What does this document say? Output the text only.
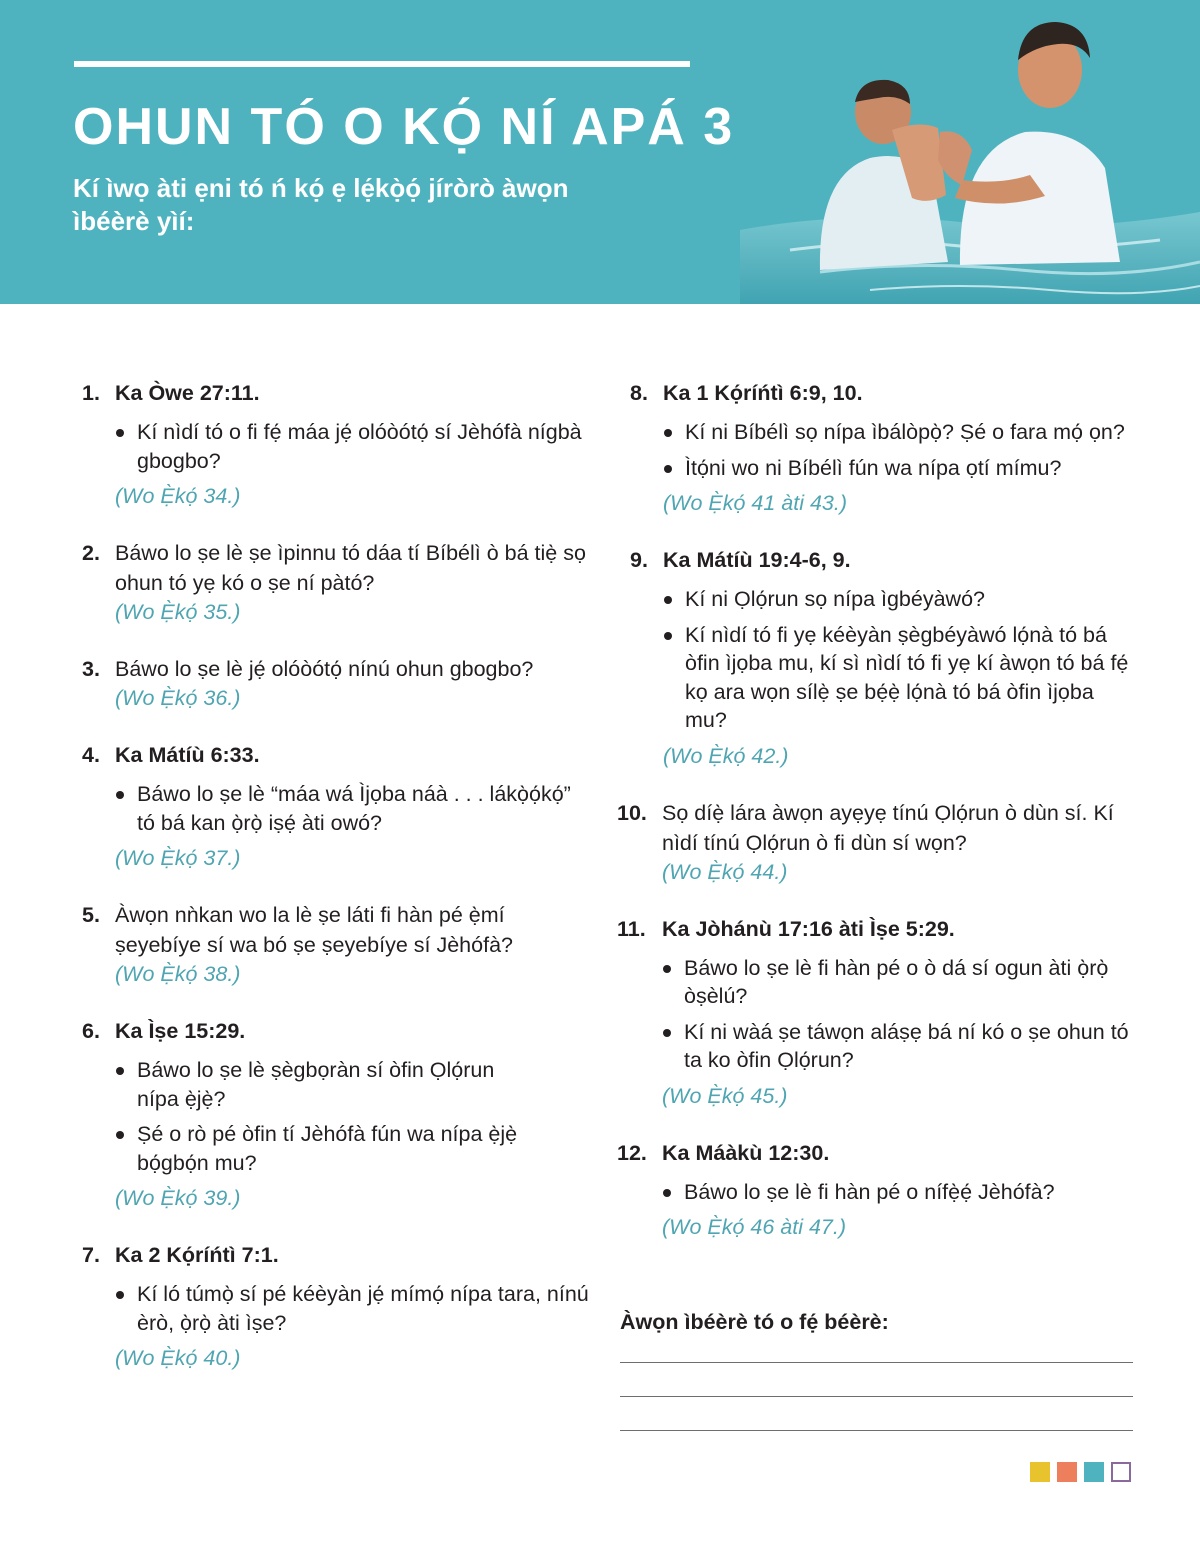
OHUN TÓ O KỌ́ NÍ APÁ 3

Kí ìwọ àti ẹni tó ń kọ́ ẹ lẹ́kọ̀ọ́ jíròrò àwọn ìbéèrè yìí:

1. Ka Òwe 27:11.
Kí nìdí tó o fi fẹ́ máa jẹ́ olóòótọ́ sí Jèhófà nígbà gbogbo?
(Wo Ẹ̀kọ́ 34.)
2. Báwo lo ṣe lè ṣe ìpinnu tó dáa tí Bíbélì ò bá tiẹ̀ sọ ohun tó yẹ kó o ṣe ní pàtó?
(Wo Ẹ̀kọ́ 35.)
3. Báwo lo ṣe lè jẹ́ olóòótọ́ nínú ohun gbogbo?
(Wo Ẹ̀kọ́ 36.)
4. Ka Mátíù 6:33.
Báwo lo ṣe lè “máa wá Ìjọba náà . . . lákọ̀ọ́kọ́” tó bá kan ọ̀rọ̀ iṣẹ́ àti owó?
(Wo Ẹ̀kọ́ 37.)
5. Àwọn nǹkan wo la lè ṣe láti fi hàn pé ẹ̀mí ṣeyebíye sí wa bó ṣe ṣeyebíye sí Jèhófà?
(Wo Ẹ̀kọ́ 38.)
6. Ka Ìṣe 15:29.
Báwo lo ṣe lè ṣègbọràn sí òfin Ọlọ́run nípa ẹ̀jẹ̀?
Ṣé o rò pé òfin tí Jèhófà fún wa nípa ẹ̀jẹ̀ bọ́gbọ́n mu?
(Wo Ẹ̀kọ́ 39.)
7. Ka 2 Kọ́ríńtì 7:1.
Kí ló túmọ̀ sí pé kéèyàn jẹ́ mímọ́ nípa tara, nínú èrò, ọ̀rọ̀ àti ìṣe?
(Wo Ẹ̀kọ́ 40.)
8. Ka 1 Kọ́ríńtì 6:9, 10.
Kí ni Bíbélì sọ nípa ìbálòpọ̀? Ṣé o fara mọ́ ọn?
Ìtọ́ni wo ni Bíbélì fún wa nípa ọtí mímu?
(Wo Ẹ̀kọ́ 41 àti 43.)
9. Ka Mátíù 19:4-6, 9.
Kí ni Ọlọ́run sọ nípa ìgbéyàwó?
Kí nìdí tó fi yẹ kéèyàn ṣègbéyàwó lọ́nà tó bá òfin ìjọba mu, kí sì nìdí tó fi yẹ kí àwọn tó bá fẹ́ kọ ara wọn sílẹ̀ ṣe bẹ́ẹ̀ lọ́nà tó bá òfin ìjọba mu?
(Wo Ẹ̀kọ́ 42.)
10. Sọ díẹ̀ lára àwọn ayẹyẹ tínú Ọlọ́run ò dùn sí. Kí nìdí tínú Ọlọ́run ò fi dùn sí wọn?
(Wo Ẹ̀kọ́ 44.)
11. Ka Jòhánù 17:16 àti Ìṣe 5:29.
Báwo lo ṣe lè fi hàn pé o ò dá sí ogun àti ọ̀rọ̀ òṣèlú?
Kí ni wàá ṣe táwọn aláṣẹ bá ní kó o ṣe ohun tó ta ko òfin Ọlọ́run?
(Wo Ẹ̀kọ́ 45.)
12. Ka Máàkù 12:30.
Báwo lo ṣe lè fi hàn pé o nífẹ̀ẹ́ Jèhófà?
(Wo Ẹ̀kọ́ 46 àti 47.)
Àwọn ìbéèrè tó o fẹ́ béèrè:
